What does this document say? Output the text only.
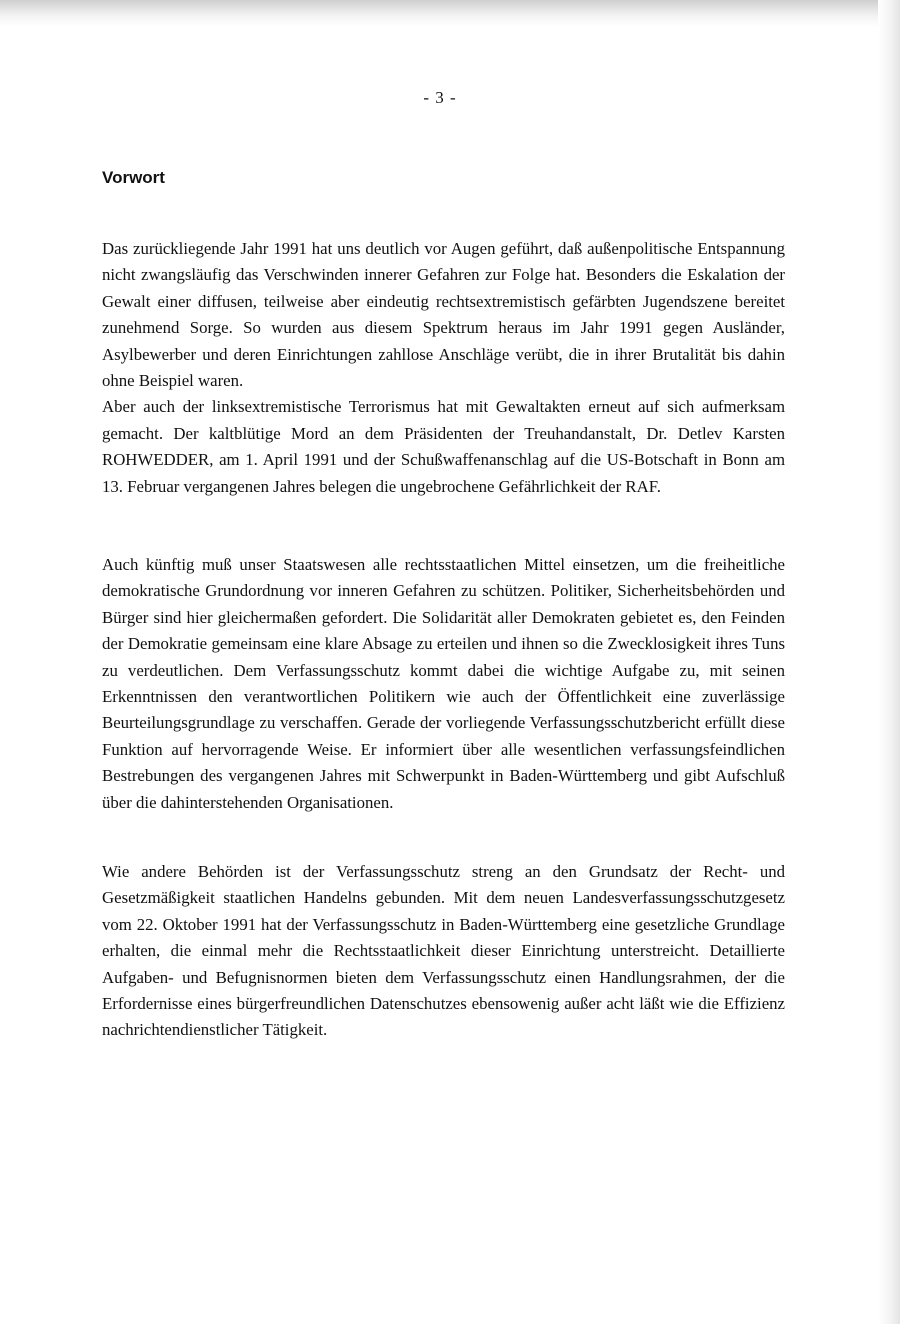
- 3 -
Vorwort

Das zurückliegende Jahr 1991 hat uns deutlich vor Augen geführt, daß außenpolitische Entspannung nicht zwangsläufig das Verschwinden innerer Gefahren zur Folge hat. Besonders die Eskalation der Gewalt einer diffusen, teilweise aber eindeutig rechtsextremistisch gefärbten Jugendszene bereitet zunehmend Sorge. So wurden aus diesem Spektrum heraus im Jahr 1991 gegen Ausländer, Asylbewerber und deren Einrichtungen zahllose Anschläge verübt, die in ihrer Brutalität bis dahin ohne Beispiel waren.

Aber auch der linksextremistische Terrorismus hat mit Gewaltakten erneut auf sich aufmerksam gemacht. Der kaltblütige Mord an dem Präsidenten der Treuhandanstalt, Dr. Detlev Karsten ROHWEDDER, am 1. April 1991 und der Schußwaffenanschlag auf die US-Botschaft in Bonn am 13. Februar vergangenen Jahres belegen die ungebrochene Gefährlichkeit der RAF.

Auch künftig muß unser Staatswesen alle rechtsstaatlichen Mittel einsetzen, um die freiheitliche demokratische Grundordnung vor inneren Gefahren zu schützen. Politiker, Sicherheitsbehörden und Bürger sind hier gleichermaßen gefordert. Die Solidarität aller Demokraten gebietet es, den Feinden der Demokratie gemeinsam eine klare Absage zu erteilen und ihnen so die Zwecklosigkeit ihres Tuns zu verdeutlichen. Dem Verfassungsschutz kommt dabei die wichtige Aufgabe zu, mit seinen Erkenntnissen den verantwortlichen Politikern wie auch der Öffentlichkeit eine zuverlässige Beurteilungsgrundlage zu verschaffen. Gerade der vorliegende Verfassungsschutzbericht erfüllt diese Funktion auf hervorragende Weise. Er informiert über alle wesentlichen verfassungsfeindlichen Bestrebungen des vergangenen Jahres mit Schwerpunkt in Baden-Württemberg und gibt Aufschluß über die dahinterstehenden Organisationen.

Wie andere Behörden ist der Verfassungsschutz streng an den Grundsatz der Recht- und Gesetzmäßigkeit staatlichen Handelns gebunden. Mit dem neuen Landesverfassungsschutzgesetz vom 22. Oktober 1991 hat der Verfassungsschutz in Baden-Württemberg eine gesetzliche Grundlage erhalten, die einmal mehr die Rechtsstaatlichkeit dieser Einrichtung unterstreicht. Detaillierte Aufgaben- und Befugnisnormen bieten dem Verfassungsschutz einen Handlungsrahmen, der die Erfordernisse eines bürgerfreundlichen Datenschutzes ebensowenig außer acht läßt wie die Effizienz nachrichtendienstlicher Tätigkeit.
